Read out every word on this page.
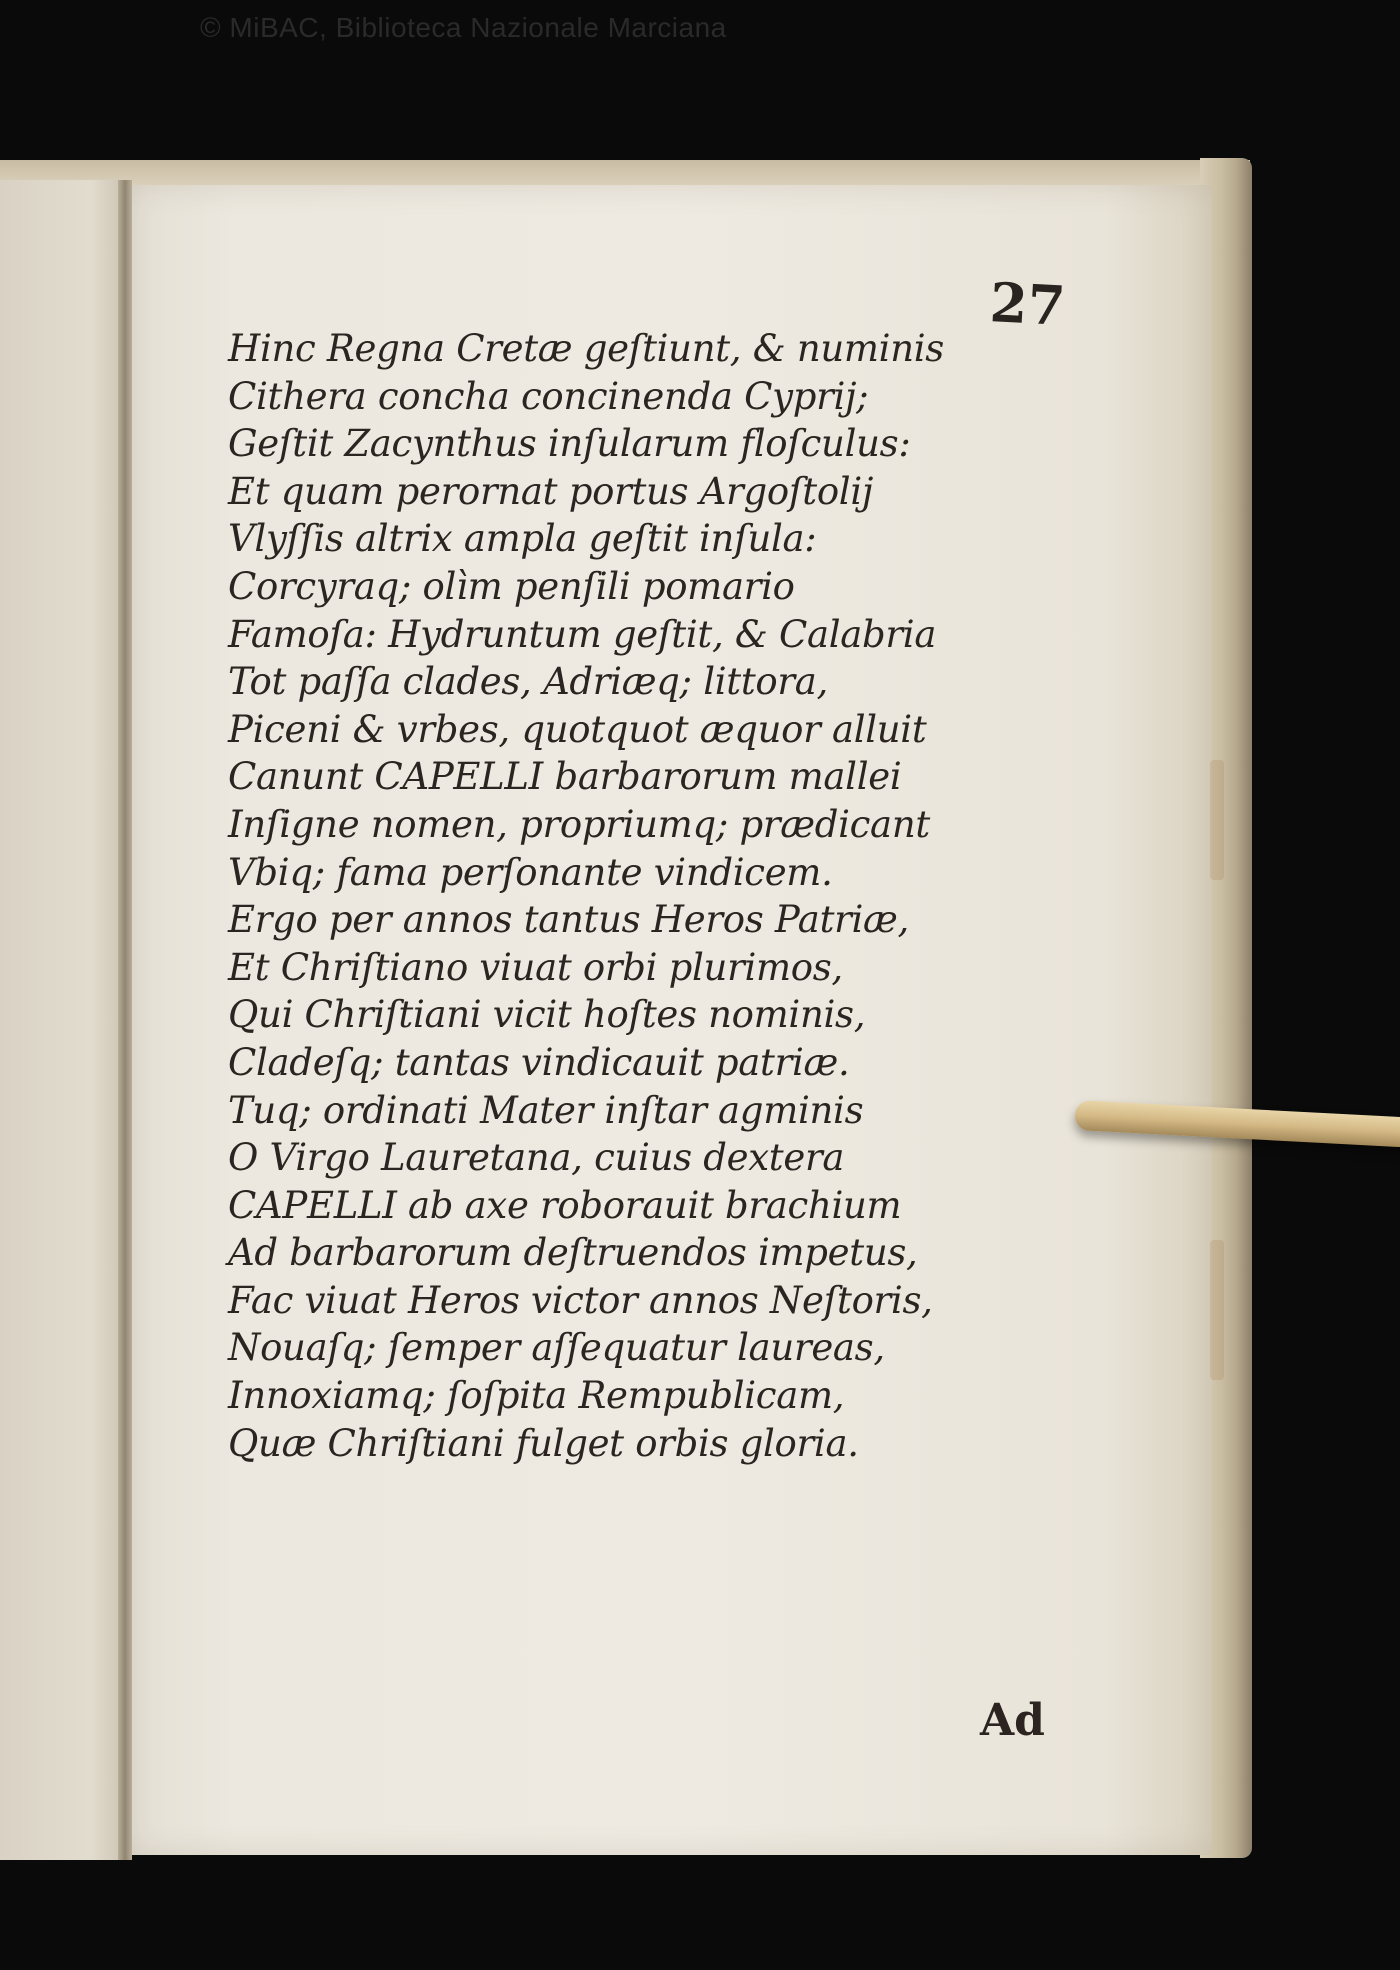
© MiBAC, Biblioteca Nazionale Marciana
27
Hinc Regna Cretæ geſtiunt, & numinis
Cithera concha concinenda Cyprij;
Geſtit Zacynthus inſularum floſculus:
Et quam perornat portus Argoſtolij
Vlyſſis altrix ampla geſtit inſula:
Corcyraq; olìm penſili pomario
Famoſa: Hydruntum geſtit, & Calabria
Tot paſſa clades, Adriæq; littora,
Piceni & vrbes, quotquot æquor alluit
Canunt CAPELLI barbarorum mallei
Inſigne nomen, propriumq; prædicant
Vbiq; fama perſonante vindicem.
Ergo per annos tantus Heros Patriæ,
Et Chriſtiano viuat orbi plurimos,
Qui Chriſtiani vicit hoſtes nominis,
Cladeſq; tantas vindicauit patriæ.
Tuq; ordinati Mater inſtar agminis
O Virgo Lauretana, cuius dextera
CAPELLI ab axe roborauit brachium
Ad barbarorum deſtruendos impetus,
Fac viuat Heros victor annos Neſtoris,
Nouaſq; ſemper aſſequatur laureas,
Innoxiamq; ſoſpita Rempublicam,
Quæ Chriſtiani fulget orbis gloria.
Ad
